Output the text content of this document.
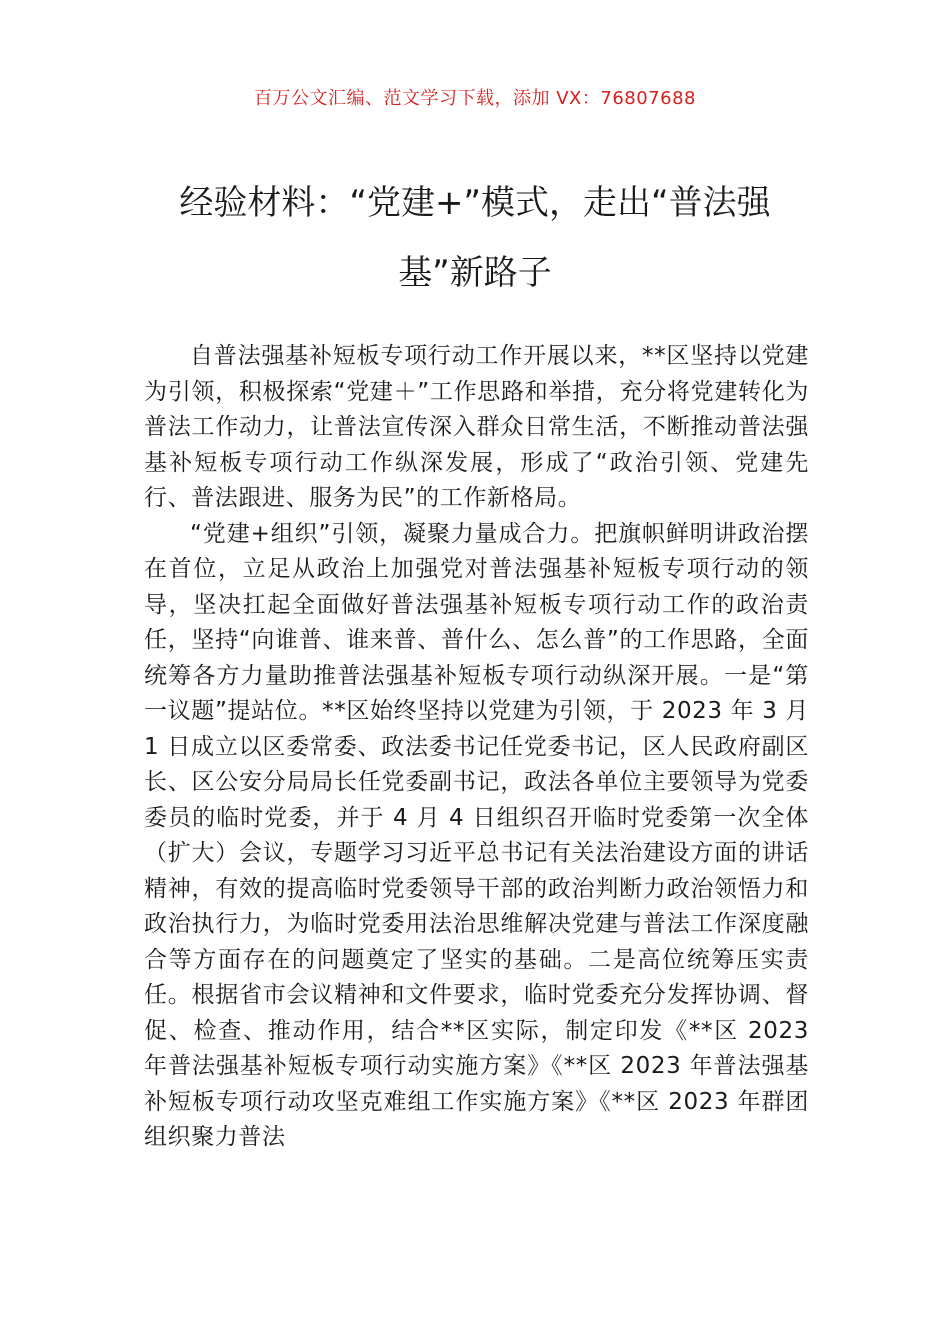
百万公文汇编、范文学习下载，添加 VX：76807688
经验材料：“党建+”模式，走出“普法强基”新路子

自普法强基补短板专项行动工作开展以来，**区坚持以党建为引领，积极探索“党建＋”工作思路和举措，充分将党建转化为普法工作动力，让普法宣传深入群众日常生活，不断推动普法强基补短板专项行动工作纵深发展，形成了“政治引领、党建先行、普法跟进、服务为民”的工作新格局。

“党建+组织”引领，凝聚力量成合力。把旗帜鲜明讲政治摆在首位，立足从政治上加强党对普法强基补短板专项行动的领导，坚决扛起全面做好普法强基补短板专项行动工作的政治责任，坚持“向谁普、谁来普、普什么、怎么普”的工作思路，全面统筹各方力量助推普法强基补短板专项行动纵深开展。一是“第一议题”提站位。**区始终坚持以党建为引领，于 2023 年 3 月 1 日成立以区委常委、政法委书记任党委书记，区人民政府副区长、区公安分局局长任党委副书记，政法各单位主要领导为党委委员的临时党委，并于 4 月 4 日组织召开临时党委第一次全体（扩大）会议，专题学习习近平总书记有关法治建设方面的讲话精神，有效的提高临时党委领导干部的政治判断力政治领悟力和政治执行力，为临时党委用法治思维解决党建与普法工作深度融合等方面存在的问题奠定了坚实的基础。二是高位统筹压实责任。根据省市会议精神和文件要求，临时党委充分发挥协调、督促、检查、推动作用，结合**区实际，制定印发《**区 2023 年普法强基补短板专项行动实施方案》《**区 2023 年普法强基补短板专项行动攻坚克难组工作实施方案》《**区 2023 年群团组织聚力普法
